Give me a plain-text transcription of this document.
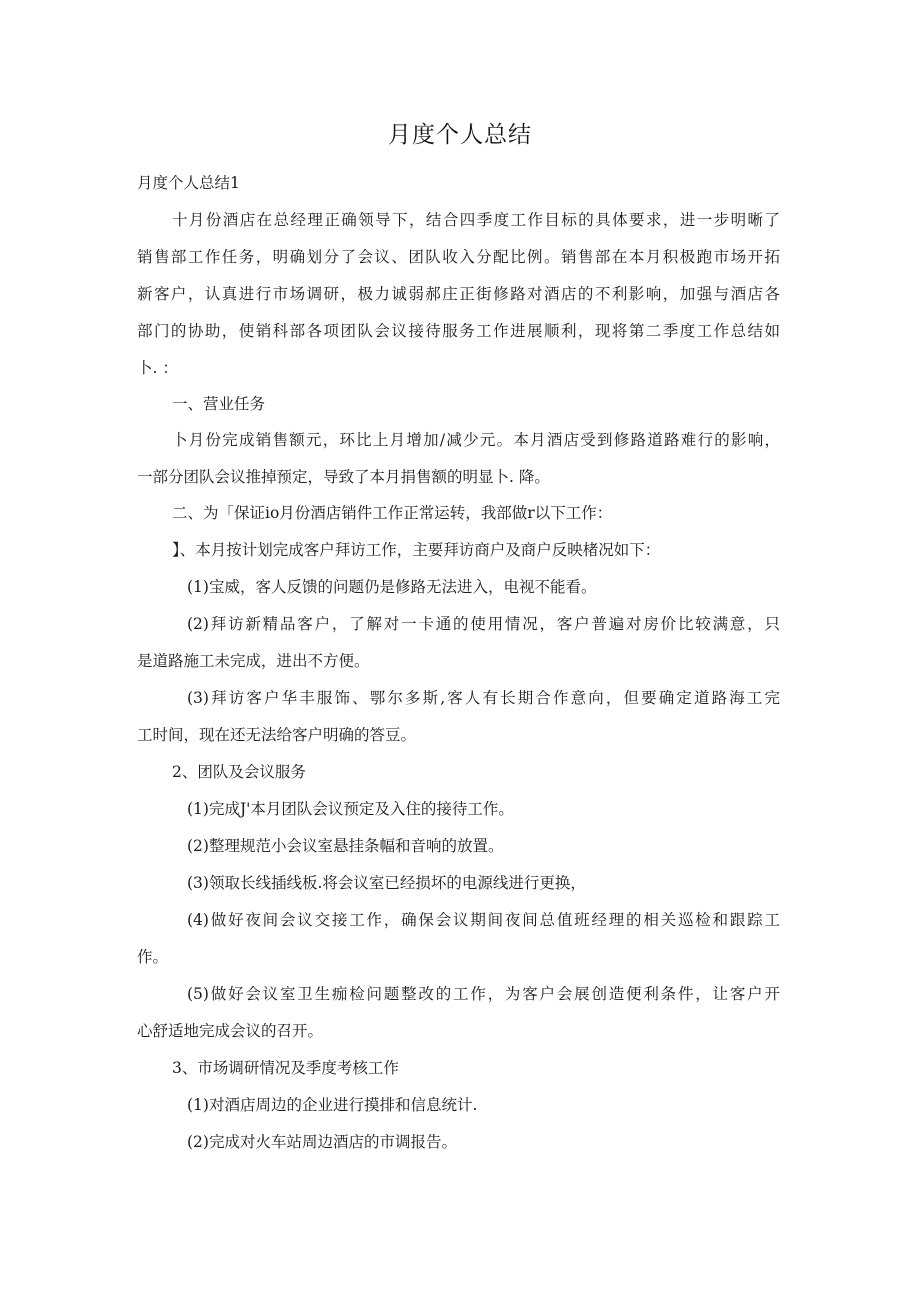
月度个人总结
月度个人总结1
十月份酒店在总经理正确领导下，结合四季度工作目标的具体要求，进一步明晰了
销售部工作任务，明确划分了会议、团队收入分配比例。销售部在本月积极跑市场开拓
新客户，认真进行市场调研，极力诚弱郝庄正街修路对酒店的不利影响，加强与酒店各
部门的协助，使销科部各项团队会议接待服务工作进展顺利，现将第二季度工作总结如
卜. ：
一、营业任务
卜月份完成销售额元，环比上月增加/减少元。本月酒店受到修路道路难行的影响，
一部分团队会议推掉预定，导致了本月捐售额的明显卜. 降。
二、为「保证io月份酒店销件工作正常运转，我部做r以下工作：
】、本月按计划完成客户拜访工作，主要拜访商户及商户反映楮况如下：
(1)宝威，客人反馈的问题仍是修路无法进入，电视不能看。
(2)拜访新精品客户，了解对一卡通的使用情况，客户普遍对房价比较满意，只
是道路施工未完成，进出不方便。
(3)拜访客户华丰服饰、鄂尔多斯,客人有长期合作意向，但要确定道路海工完
工时间，现在还无法给客户明确的答豆。
2、团队及会议服务
(1)完成J'本月团队会议预定及入住的接待工作。
(2)整理规范小会议室悬挂条幅和音响的放置。
(3)领取长线插线板.将会议室已经损坏的电源线进行更换，
(4)做好夜间会议交接工作，确保会议期间夜间总值班经理的相关巡检和跟踪工
作。
(5)做好会议室卫生痂检问题整改的工作，为客户会展创造便利条件，让客户开
心舒适地完成会议的召开。
3、市场调研情况及季度考核工作
(1)对酒店周边的企业进行摸排和信息统计.
(2)完成对火车站周边酒店的市调报告。
